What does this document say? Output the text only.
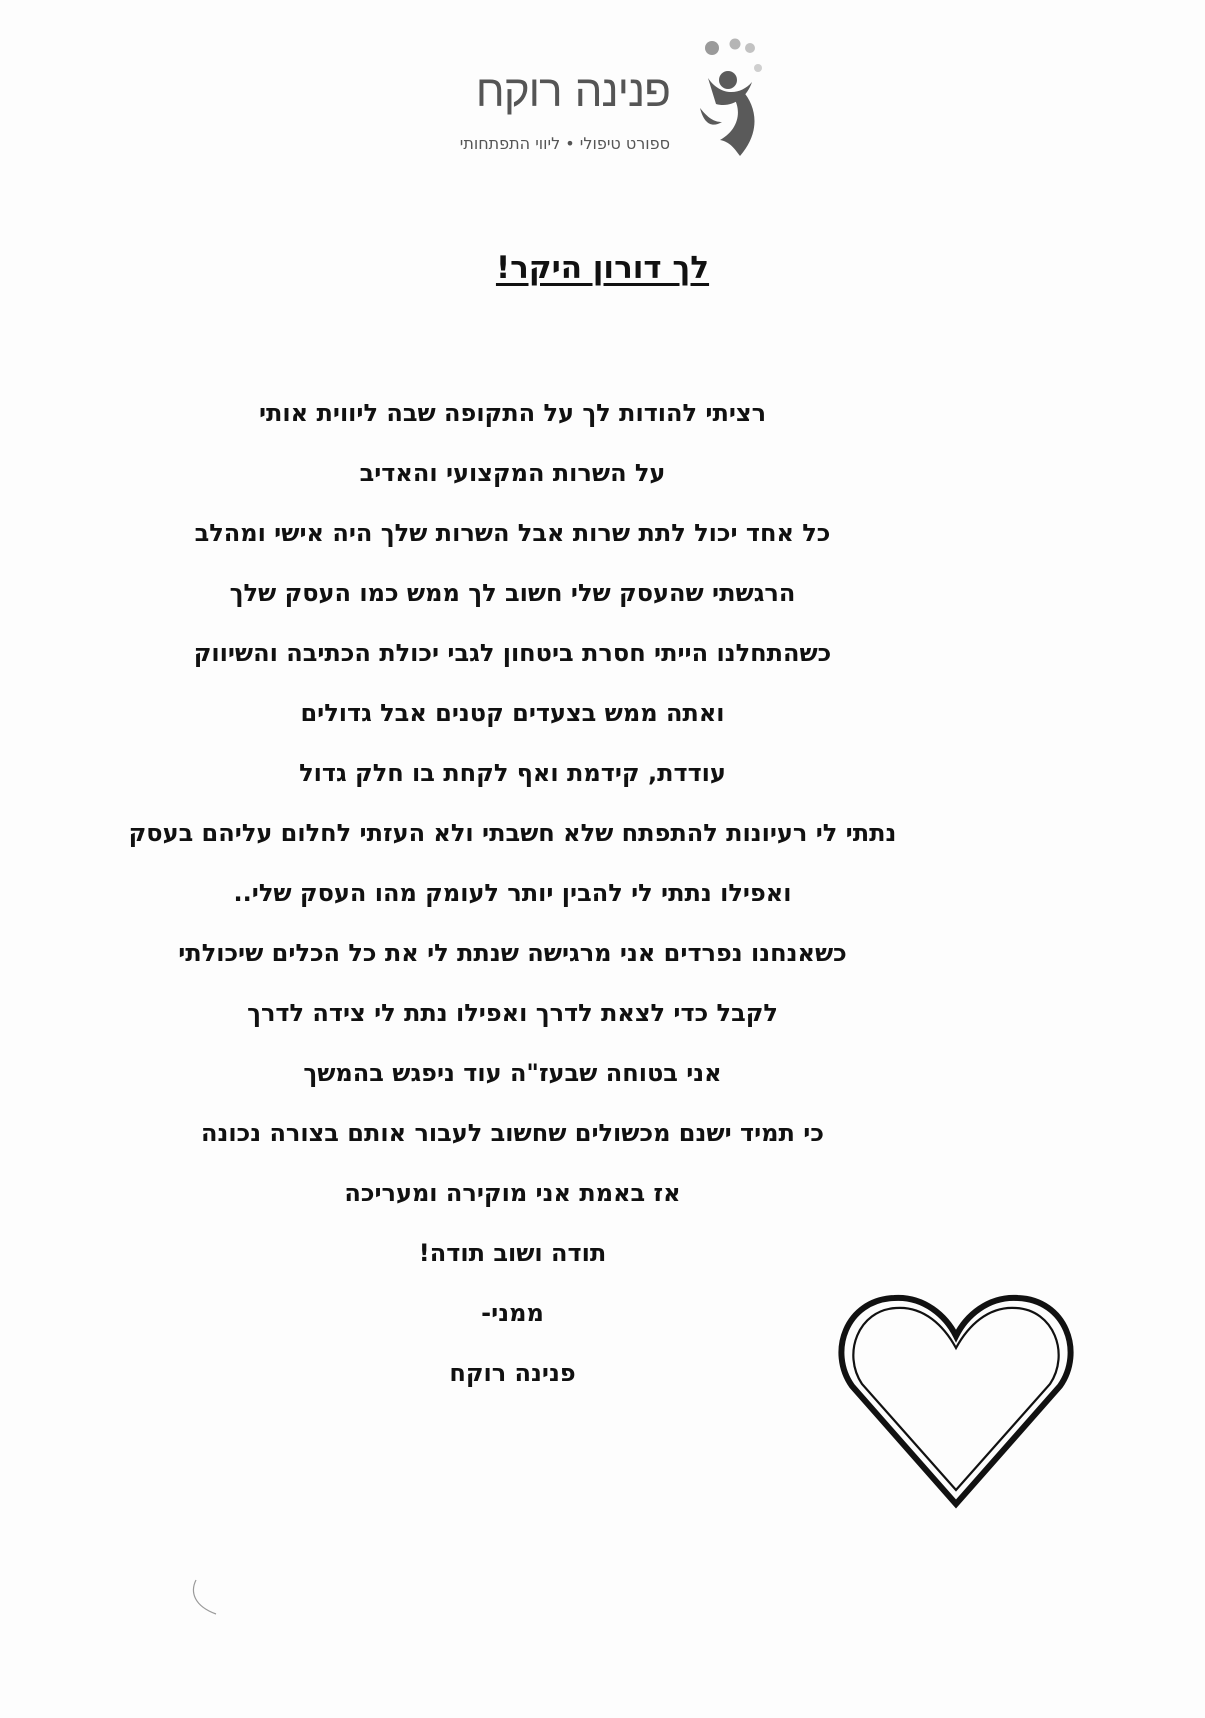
פנינה רוקח
ספורט טיפולי • ליווי התפתחותי
לך דורון היקר!
רציתי להודות לך על התקופה שבה ליווית אותי
על השרות המקצועי והאדיב
כל אחד יכול לתת שרות אבל השרות שלך היה אישי ומהלב
הרגשתי שהעסק שלי חשוב לך ממש כמו העסק שלך
כשהתחלנו הייתי חסרת ביטחון לגבי יכולת הכתיבה והשיווק
ואתה ממש בצעדים קטנים אבל גדולים
עודדת, קידמת ואף לקחת בו חלק גדול
נתתי לי רעיונות להתפתח שלא חשבתי ולא העזתי לחלום עליהם בעסק
ואפילו נתתי לי להבין יותר לעומק מהו העסק שלי..
כשאנחנו נפרדים אני מרגישה שנתת לי את כל הכלים שיכולתי
לקבל כדי לצאת לדרך ואפילו נתת לי צידה לדרך
אני בטוחה שבעז"ה עוד ניפגש בהמשך
כי תמיד ישנם מכשולים שחשוב לעבור אותם בצורה נכונה
אז באמת אני מוקירה ומעריכה
תודה ושוב תודה!
ממני-
פנינה רוקח
